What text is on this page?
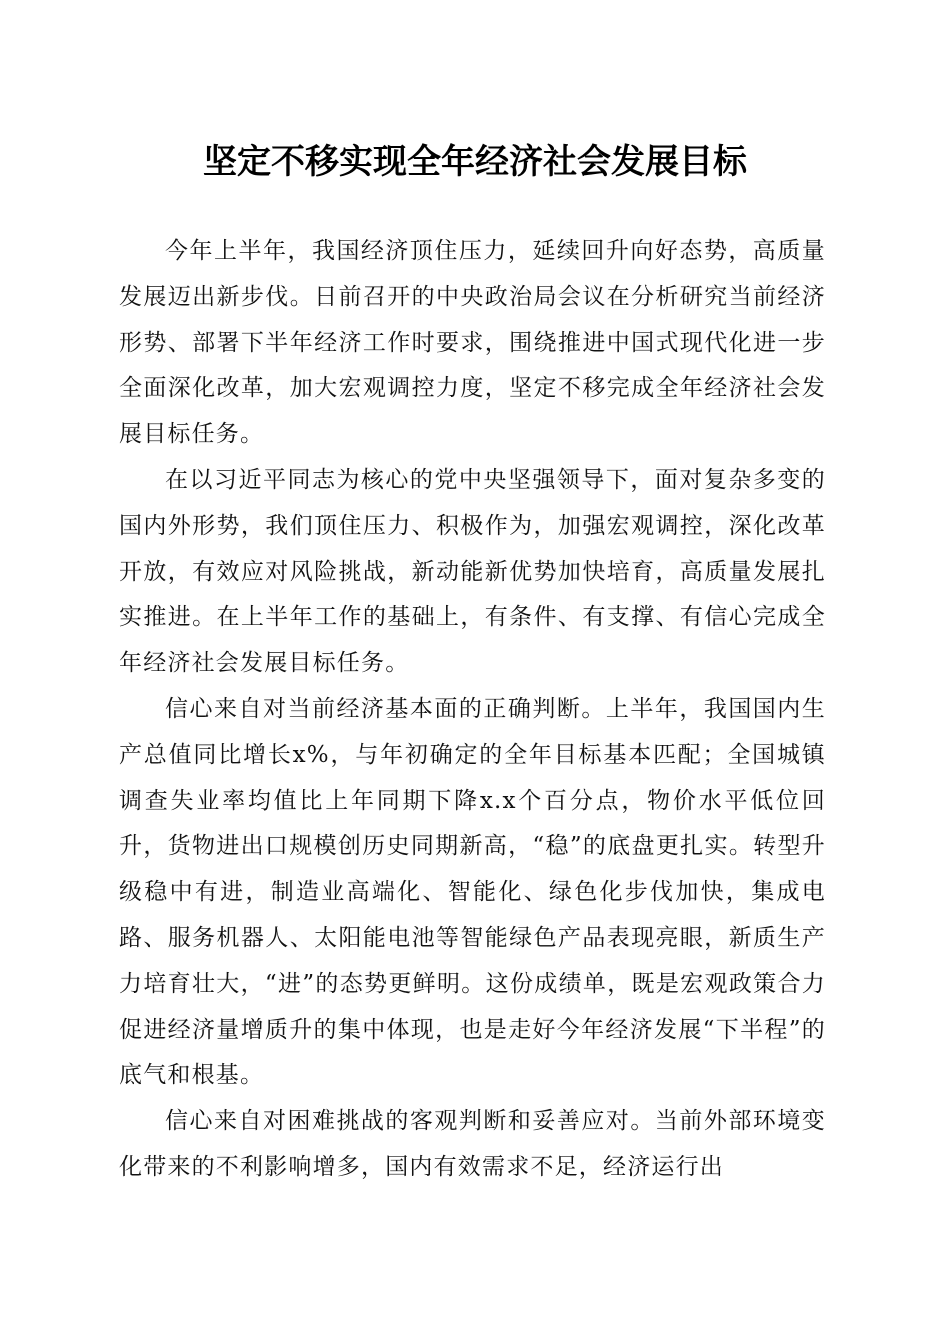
坚定不移实现全年经济社会发展目标

今年上半年，我国经济顶住压力，延续回升向好态势，高质量发展迈出新步伐。日前召开的中央政治局会议在分析研究当前经济形势、部署下半年经济工作时要求，围绕推进中国式现代化进一步全面深化改革，加大宏观调控力度，坚定不移完成全年经济社会发展目标任务。

在以习近平同志为核心的党中央坚强领导下，面对复杂多变的国内外形势，我们顶住压力、积极作为，加强宏观调控，深化改革开放，有效应对风险挑战，新动能新优势加快培育，高质量发展扎实推进。在上半年工作的基础上，有条件、有支撑、有信心完成全年经济社会发展目标任务。

信心来自对当前经济基本面的正确判断。上半年，我国国内生产总值同比增长x%，与年初确定的全年目标基本匹配；全国城镇调查失业率均值比上年同期下降x.x个百分点，物价水平低位回升，货物进出口规模创历史同期新高，“稳”的底盘更扎实。转型升级稳中有进，制造业高端化、智能化、绿色化步伐加快，集成电路、服务机器人、太阳能电池等智能绿色产品表现亮眼，新质生产力培育壮大，“进”的态势更鲜明。这份成绩单，既是宏观政策合力促进经济量增质升的集中体现，也是走好今年经济发展“下半程”的底气和根基。

信心来自对困难挑战的客观判断和妥善应对。当前外部环境变化带来的不利影响增多，国内有效需求不足，经济运行出
